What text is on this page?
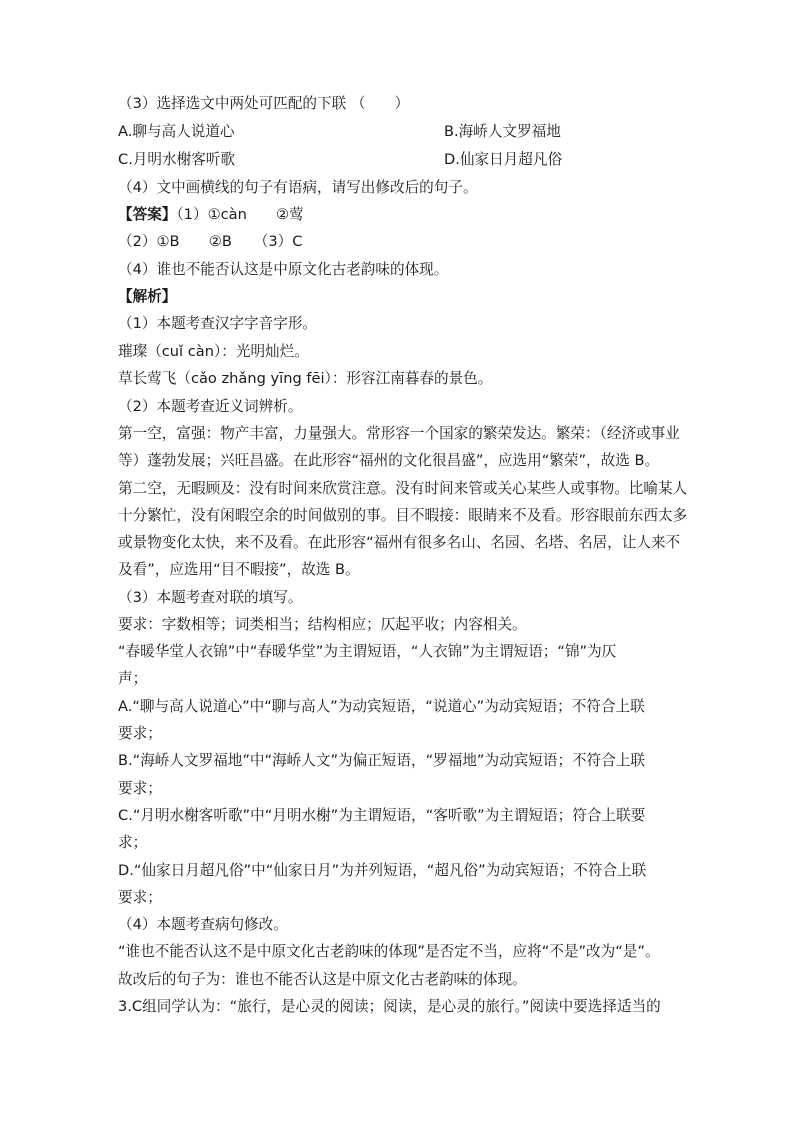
（3）选择选文中两处可匹配的下联 （　　）
A.聊与高人说道心	B.海峤人文罗福地
C.月明水榭客听歌	D.仙家日月超凡俗
（4）文中画横线的句子有语病，请写出修改后的句子。
【答案】（1）①càn　　②莺
（2）①B　　②B　　（3）C
（4）谁也不能否认这是中原文化古老韵味的体现。
【解析】
（1）本题考查汉字字音字形。
璀璨（cuǐ càn）：光明灿烂。
草长莺飞（cǎo zhǎng yīng fēi）：形容江南暮春的景色。
（2）本题考查近义词辨析。
第一空，富强：物产丰富，力量强大。常形容一个国家的繁荣发达。繁荣：（经济或事业
等）蓬勃发展；兴旺昌盛。在此形容“福州的文化很昌盛”，应选用“繁荣”，故选 B。
第二空，无暇顾及：没有时间来欣赏注意。没有时间来管或关心某些人或事物。比喻某人
十分繁忙，没有闲暇空余的时间做别的事。目不暇接：眼睛来不及看。形容眼前东西太多
或景物变化太快，来不及看。在此形容“福州有很多名山、名园、名塔、名居，让人来不
及看”，应选用“目不暇接”，故选 B。
（3）本题考查对联的填写。
要求：字数相等；词类相当；结构相应；仄起平收；内容相关。
“春暖华堂人衣锦”中“春暖华堂”为主谓短语，“人衣锦”为主谓短语；“锦”为仄
声；
A.“聊与高人说道心”中“聊与高人”为动宾短语，“说道心”为动宾短语；不符合上联
要求；
B.“海峤人文罗福地”中“海峤人文”为偏正短语，“罗福地”为动宾短语；不符合上联
要求；
C.“月明水榭客听歌”中“月明水榭”为主谓短语，“客听歌”为主谓短语；符合上联要
求；
D.“仙家日月超凡俗”中“仙家日月”为并列短语，“超凡俗”为动宾短语；不符合上联
要求；
（4）本题考查病句修改。
“谁也不能否认这不是中原文化古老韵味的体现”是否定不当，应将“不是”改为“是”。
故改后的句子为：谁也不能否认这是中原文化古老韵味的体现。
3.C组同学认为：“旅行，是心灵的阅读；阅读，是心灵的旅行。”阅读中要选择适当的
